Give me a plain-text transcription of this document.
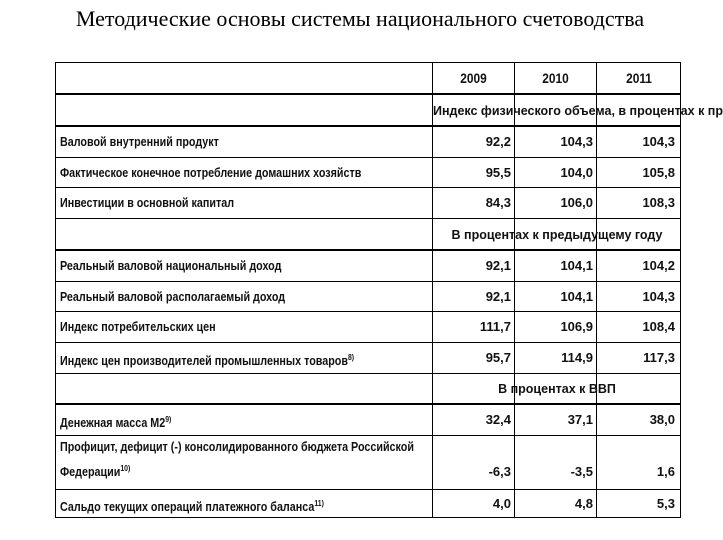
Методические основы системы национального счетоводства
2009	2010	2011
Индекс физического объема, в процентах к пр
Валовой внутренний продукт	92,2	104,3	104,3
Фактическое конечное потребление домашних хозяйств	95,5	104,0	105,8
Инвестиции в основной капитал	84,3	106,0	108,3
В процентах к предыдущему году
Реальный валовой национальный доход	92,1	104,1	104,2
Реальный валовой располагаемый доход	92,1	104,1	104,3
Индекс потребительских цен	111,7	106,9	108,4
Индекс цен производителей промышленных товаров$^{8)}$	95,7	114,9	117,3
В процентах к ВВП
Денежная масса М2$^{9)}$	32,4	37,1	38,0
Профицит, дефицит (-) консолидированного бюджета Российской
Федерации$^{10)}$	-6,3	-3,5	1,6
Сальдо текущих операций платежного баланса$^{11)}$	4,0	4,8	5,3
